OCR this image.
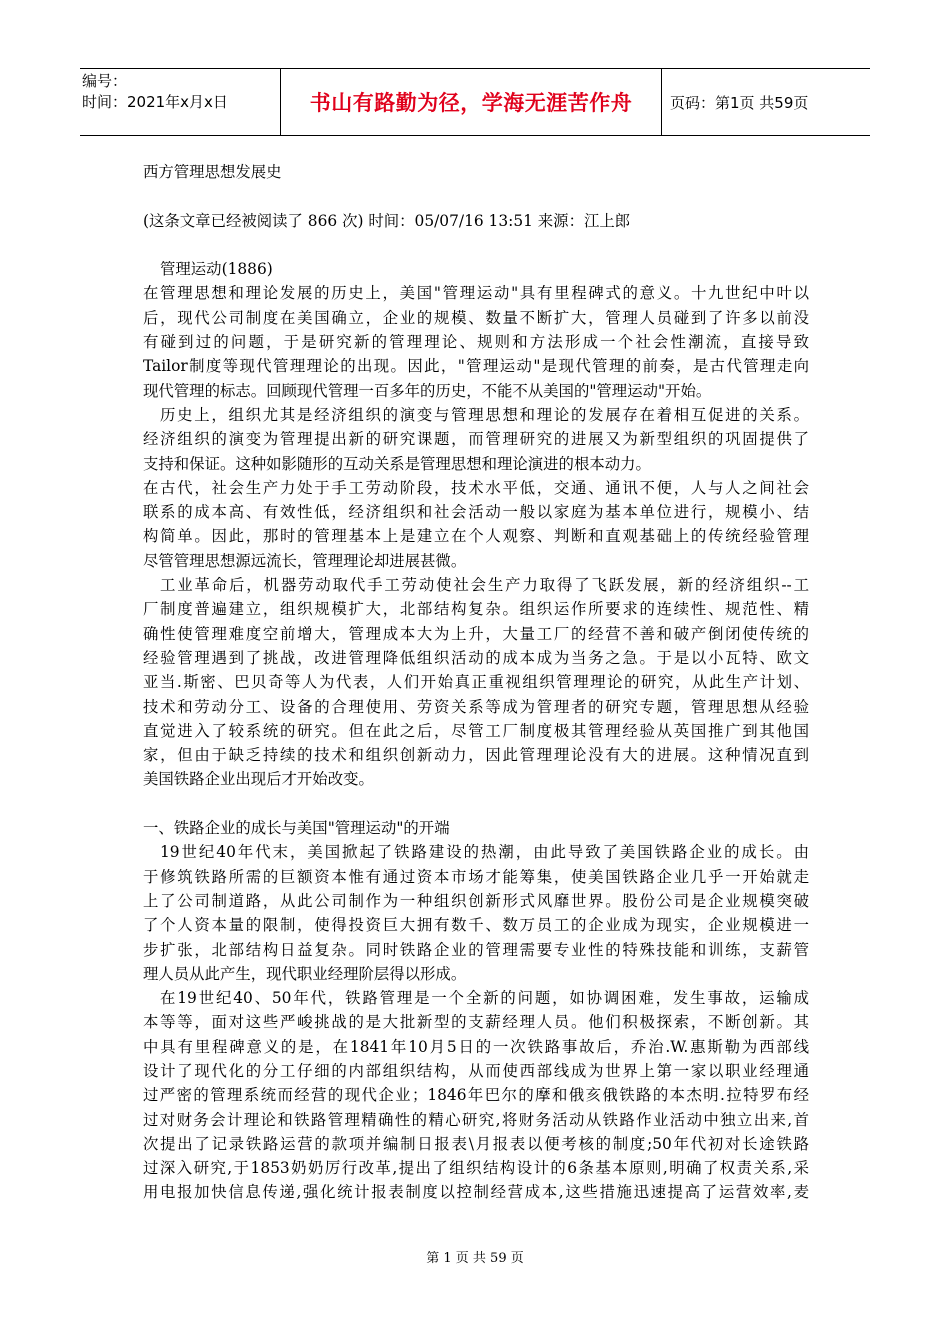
编号：
时间：2021年x月x日	书山有路勤为径，学海无涯苦作舟	页码：第1页 共59页
西方管理思想发展史
(这条文章已经被阅读了 866 次) 时间：05/07/16 13:51 来源：江上郎
管理运动(1886)
在管理思想和理论发展的历史上，美国"管理运动"具有里程碑式的意义。十九世纪中叶以
后，现代公司制度在美国确立，企业的规模、数量不断扩大，管理人员碰到了许多以前没
有碰到过的问题，于是研究新的管理理论、规则和方法形成一个社会性潮流，直接导致
Tailor制度等现代管理理论的出现。因此，"管理运动"是现代管理的前奏，是古代管理走向
现代管理的标志。回顾现代管理一百多年的历史，不能不从美国的"管理运动"开始。
历史上，组织尤其是经济组织的演变与管理思想和理论的发展存在着相互促进的关系。
经济组织的演变为管理提出新的研究课题，而管理研究的进展又为新型组织的巩固提供了
支持和保证。这种如影随形的互动关系是管理思想和理论演进的根本动力。
在古代，社会生产力处于手工劳动阶段，技术水平低，交通、通讯不便，人与人之间社会
联系的成本高、有效性低，经济组织和社会活动一般以家庭为基本单位进行，规模小、结
构简单。因此，那时的管理基本上是建立在个人观察、判断和直观基础上的传统经验管理
尽管管理思想源远流长，管理理论却进展甚微。
工业革命后，机器劳动取代手工劳动使社会生产力取得了飞跃发展，新的经济组织--工
厂制度普遍建立，组织规模扩大，北部结构复杂。组织运作所要求的连续性、规范性、精
确性使管理难度空前增大，管理成本大为上升，大量工厂的经营不善和破产倒闭使传统的
经验管理遇到了挑战，改进管理降低组织活动的成本成为当务之急。于是以小瓦特、欧文
亚当.斯密、巴贝奇等人为代表，人们开始真正重视组织管理理论的研究，从此生产计划、
技术和劳动分工、设备的合理使用、劳资关系等成为管理者的研究专题，管理思想从经验
直觉进入了较系统的研究。但在此之后，尽管工厂制度极其管理经验从英国推广到其他国
家，但由于缺乏持续的技术和组织创新动力，因此管理理论没有大的进展。这种情况直到
美国铁路企业出现后才开始改变。
一、铁路企业的成长与美国"管理运动"的开端
19世纪40年代末，美国掀起了铁路建设的热潮，由此导致了美国铁路企业的成长。由
于修筑铁路所需的巨额资本惟有通过资本市场才能筹集，使美国铁路企业几乎一开始就走
上了公司制道路，从此公司制作为一种组织创新形式风靡世界。股份公司是企业规模突破
了个人资本量的限制，使得投资巨大拥有数千、数万员工的企业成为现实，企业规模进一
步扩张，北部结构日益复杂。同时铁路企业的管理需要专业性的特殊技能和训练，支薪管
理人员从此产生，现代职业经理阶层得以形成。
在19世纪40、50年代，铁路管理是一个全新的问题，如协调困难，发生事故，运输成
本等等，面对这些严峻挑战的是大批新型的支薪经理人员。他们积极探索，不断创新。其
中具有里程碑意义的是，在1841年10月5日的一次铁路事故后，乔治.W.惠斯勒为西部线
设计了现代化的分工仔细的内部组织结构，从而使西部线成为世界上第一家以职业经理通
过严密的管理系统而经营的现代企业；1846年巴尔的摩和俄亥俄铁路的本杰明.拉特罗布经
过对财务会计理论和铁路管理精确性的精心研究,将财务活动从铁路作业活动中独立出来,首
次提出了记录铁路运营的款项并编制日报表\月报表以便考核的制度;50年代初对长途铁路
过深入研究,于1853奶奶厉行改革,提出了组织结构设计的6条基本原则,明确了权责关系,采
用电报加快信息传递,强化统计报表制度以控制经营成本,这些措施迅速提高了运营效率,麦
第 1 页 共 59 页
